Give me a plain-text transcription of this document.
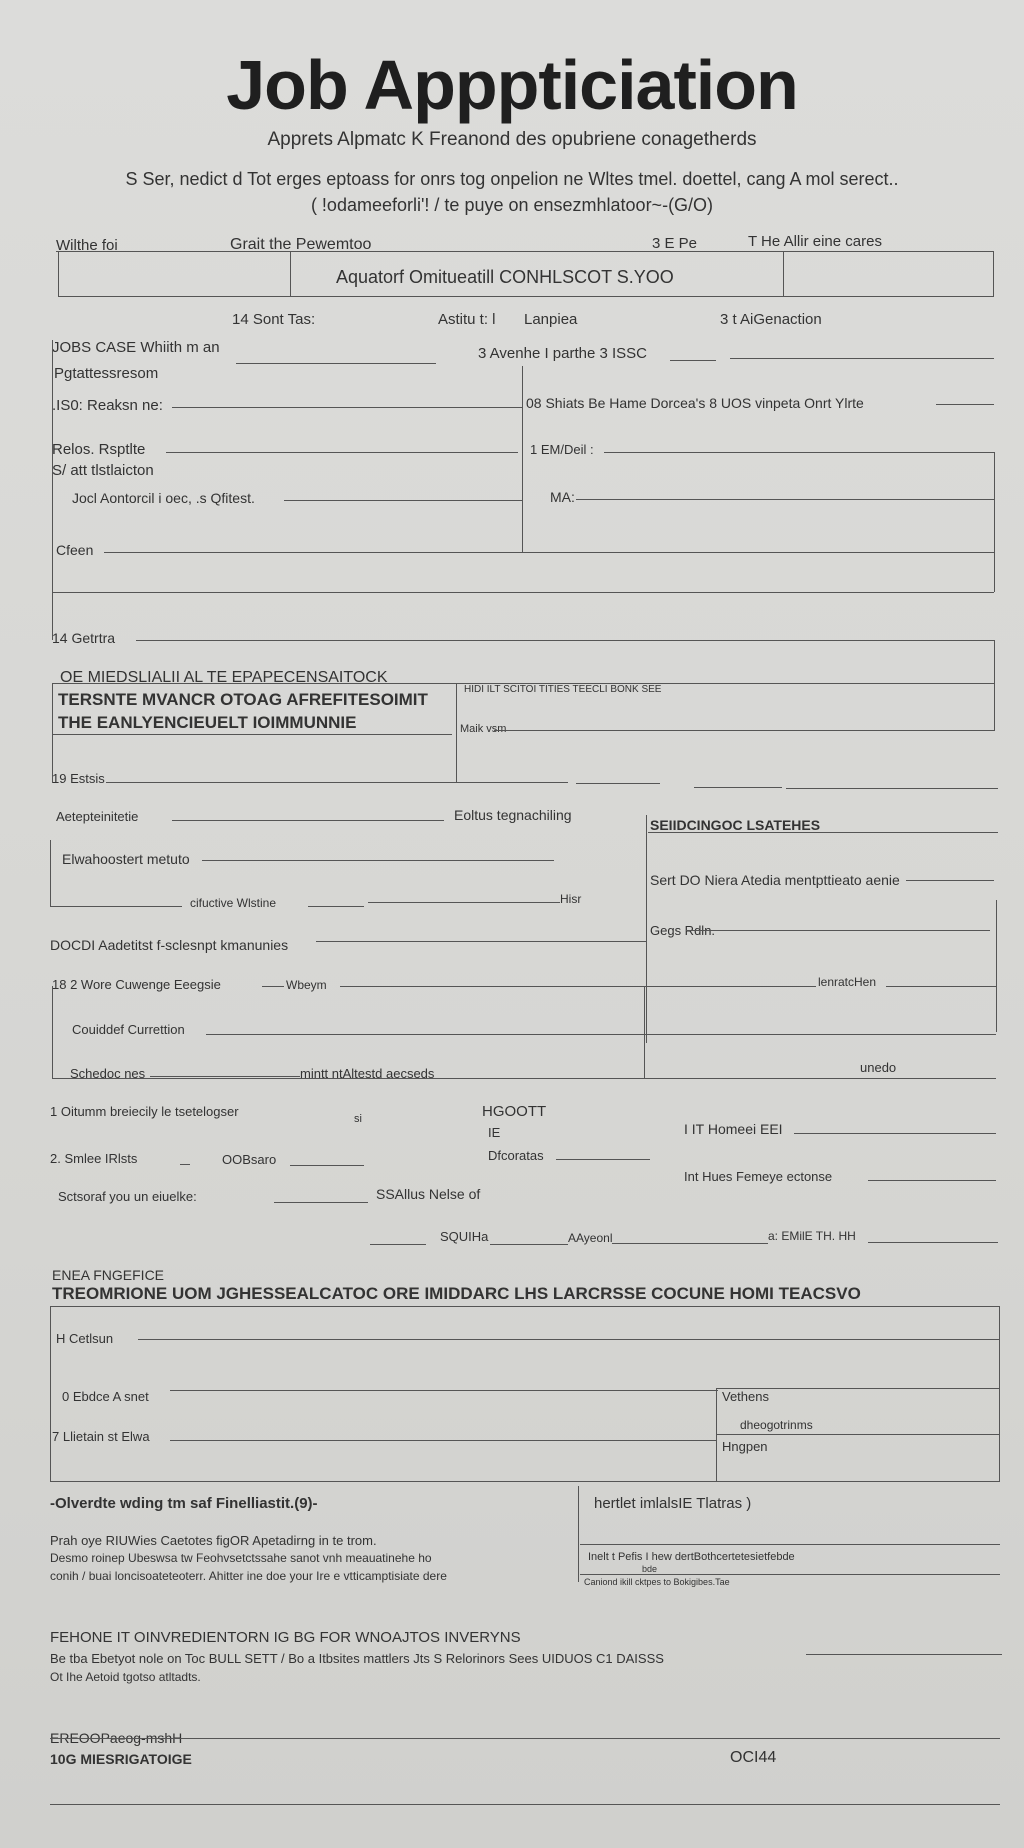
Job Apppticiation
Apprets Alpmatc K Freanond des opubriene conagetherds
S Ser, nedict d Tot erges eptoass for onrs tog onpelion ne Wltes tmel. doettel, cang A mol serect..
( !odameeforli'! / te puye on ensezmhlatoor~-(G/O)
Wilthe foi	Grait the Pewemtoo	3 E Pe	T He Allir eine cares
Aquatorf Omitueatill CONHLSCOT S.YOO
14 Sont Tas:	Astitu t: l Lanpiea	3 t AiGenaction
JOBS CASE Whiith m an
Pgtattessresom
3 Avenhe I parthe 3 ISSC
.IS0: Reaksn ne:	08 Shiats Be Hame Dorcea's 8 UOS vinpeta Onrt Ylrte
Relos. Rsptlte	1 EM/Deil :
S/ att tlstlaicton
Jocl Aontorcil i oec, .s Qfitest.	MA:
Cfeen
14 Getrtra
OE MIEDSLIALII AL TE EPAPECENSAITOCK
TERSNTE MVANCR OTOAG AFREFITESOIMIT
THE EANLYENCIEUELT IOIMMUNNIE
HIDI ILT SCITOI TITIES TEECLI BONK SEE
Maik vsm
19 Estsis
Aetepteinitetie	Eoltus tegnachiling
Elwahoostert metuto
cifuctive Wlstine	Hisr
SEIIDCINGOC LSATEHES
Sert DO Niera Atedia mentpttieato aenie
Gegs Rdln.
DOCDI Aadetitst f-sclesnpt kmanunies
18 2 Wore Cuwenge Eeegsie	Wbeym	lenratcHen
Couiddef Currettion
Schedoc nes	mintt ntAltestd aecseds	unedo
1 Oitumm breiecily le tsetelogser	si	HGOOTT
IE
Dfcoratas
I IT Homeei EEI
2. Smlee IRlsts	OOBsaro
Int Hues Femeye ectonse
Sctsoraf you un eiuelke:	SSAllus Nelse of
SQUIHa	AAyeonl	a: EMilE TH. HH
ENEA FNGEFICE
TREOMRIONE UOM JGHESSEALCATOC ORE IMIDDARC LHS LARCRSSE COCUNE HOMI TEACSVO
H Cetlsun
0 Ebdce A snet	Vethens
7 Llietain st Elwa
dheogotrinms
Hngpen
-Olverdte wding tm saf Finelliastit.(9)-	hertlet imlalsIE Tlatras )
Prah oye RIUWies Caetotes figOR Apetadirng in te trom.
Desmo roinep Ubeswsa tw Feohvsetctssahe sanot vnh meauatinehe ho
conih / buai loncisoateteoterr. Ahitter ine doe your Ire e vtticamptisiate dere
Inelt t Pefis I hew dertBothcertetesietfebde
bde
Caniond ikill cktpes to Bokigibes.Tae
FEHONE IT OINVREDIENTORN IG BG FOR WNOAJTOS INVERYNS
Be tba Ebetyot nole on Toc BULL SETT / Bo a Itbsites mattlers Jts S Relorinors Sees UIDUOS C1 DAISSS
Ot Ihe Aetoid tgotso atltadts.
EREOOPaeog-mshH
10G MIESRIGATOIGE	OCI44
